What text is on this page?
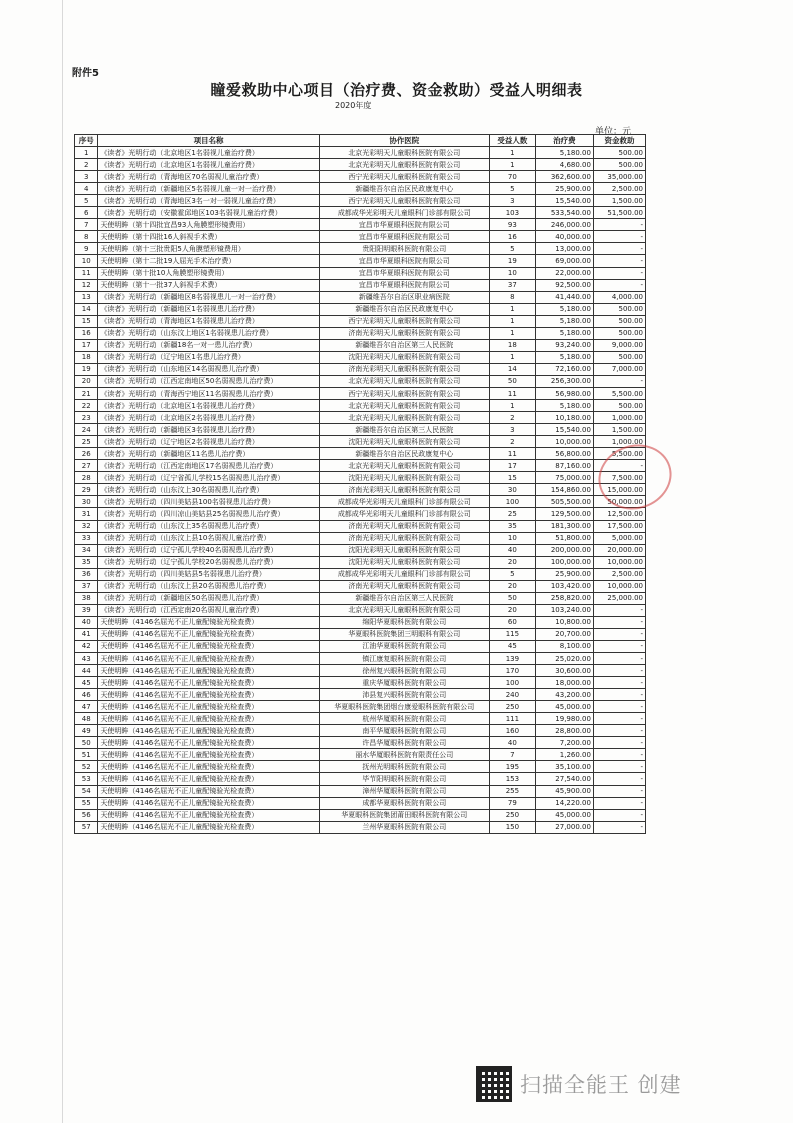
附件5
瞳爱救助中心项目（治疗费、资金救助）受益人明细表
2020年度
单位：元
序号	项目名称	协作医院	受益人数	治疗费	资金救助
1	《读者》光明行动（北京地区1名弱视儿童治疗费）	北京光彩明天儿童眼科医院有限公司	1	5,180.00	500.00
2	《读者》光明行动（北京地区1名弱视儿童治疗费）	北京光彩明天儿童眼科医院有限公司	1	4,680.00	500.00
3	《读者》光明行动（青海地区70名弱视儿童治疗费）	西宁光彩明天儿童眼科医院有限公司	70	362,600.00	35,000.00
4	《读者》光明行动（新疆地区5名弱视儿童一对一治疗费）	新疆维吾尔自治区民政康复中心	5	25,900.00	2,500.00
5	《读者》光明行动（青海地区3名一对一弱视儿童治疗费）	西宁光彩明天儿童眼科医院有限公司	3	15,540.00	1,500.00
6	《读者》光明行动（安徽霍邱地区103名弱视儿童治疗费）	成都成华光彩明天儿童眼科门诊部有限公司	103	533,540.00	51,500.00
7	天使明眸（第十四批宜昌93人角膜塑形镜费用）	宜昌市华夏眼科医院有限公司	93	246,000.00	-
8	天使明眸（第十四批16人斜视手术费）	宜昌市华夏眼科医院有限公司	16	40,000.00	-
9	天使明眸（第十三批贵阳5人角膜塑形镜费用）	贵阳阳明眼科医院有限公司	5	13,000.00	-
10	天使明眸（第十二批19人屈光手术治疗费）	宜昌市华夏眼科医院有限公司	19	69,000.00	-
11	天使明眸（第十批10人角膜塑形镜费用）	宜昌市华夏眼科医院有限公司	10	22,000.00	-
12	天使明眸（第十一批37人斜视手术费）	宜昌市华夏眼科医院有限公司	37	92,500.00	-
13	《读者》光明行动（新疆地区8名弱视患儿一对一治疗费）	新疆维吾尔自治区职业病医院	8	41,440.00	4,000.00
14	《读者》光明行动（新疆地区1名弱视患儿治疗费）	新疆维吾尔自治区民政康复中心	1	5,180.00	500.00
15	《读者》光明行动（青海地区1名弱视患儿治疗费）	西宁光彩明天儿童眼科医院有限公司	1	5,180.00	500.00
16	《读者》光明行动（山东汶上地区1名弱视患儿治疗费）	济南光彩明天儿童眼科医院有限公司	1	5,180.00	500.00
17	《读者》光明行动（新疆18名一对一患儿治疗费）	新疆维吾尔自治区第三人民医院	18	93,240.00	9,000.00
18	《读者》光明行动（辽宁地区1名患儿治疗费）	沈阳光彩明天儿童眼科医院有限公司	1	5,180.00	500.00
19	《读者》光明行动（山东地区14名弱视患儿治疗费）	济南光彩明天儿童眼科医院有限公司	14	72,160.00	7,000.00
20	《读者》光明行动（江西定南地区50名弱视患儿治疗费）	北京光彩明天儿童眼科医院有限公司	50	256,300.00	-
21	《读者》光明行动（青海西宁地区11名弱视患儿治疗费）	西宁光彩明天儿童眼科医院有限公司	11	56,980.00	5,500.00
22	《读者》光明行动（北京地区1名弱视患儿治疗费）	北京光彩明天儿童眼科医院有限公司	1	5,180.00	500.00
23	《读者》光明行动（北京地区2名弱视患儿治疗费）	北京光彩明天儿童眼科医院有限公司	2	10,180.00	1,000.00
24	《读者》光明行动（新疆地区3名弱视患儿治疗费）	新疆维吾尔自治区第三人民医院	3	15,540.00	1,500.00
25	《读者》光明行动（辽宁地区2名弱视患儿治疗费）	沈阳光彩明天儿童眼科医院有限公司	2	10,000.00	1,000.00
26	《读者》光明行动（新疆地区11名患儿治疗费）	新疆维吾尔自治区民政康复中心	11	56,800.00	5,500.00
27	《读者》光明行动（江西定南地区17名弱视患儿治疗费）	北京光彩明天儿童眼科医院有限公司	17	87,160.00	-
28	《读者》光明行动（辽宁省孤儿学校15名弱视患儿治疗费）	沈阳光彩明天儿童眼科医院有限公司	15	75,000.00	7,500.00
29	《读者》光明行动（山东汶上30名弱视患儿治疗费）	济南光彩明天儿童眼科医院有限公司	30	154,860.00	15,000.00
30	《读者》光明行动（四川美姑县100名弱视患儿治疗费）	成都成华光彩明天儿童眼科门诊部有限公司	100	505,500.00	50,000.00
31	《读者》光明行动（四川凉山美姑县25名弱视患儿治疗费）	成都成华光彩明天儿童眼科门诊部有限公司	25	129,500.00	12,500.00
32	《读者》光明行动（山东汶上35名弱视患儿治疗费）	济南光彩明天儿童眼科医院有限公司	35	181,300.00	17,500.00
33	《读者》光明行动（山东汶上县10名弱视儿童治疗费）	济南光彩明天儿童眼科医院有限公司	10	51,800.00	5,000.00
34	《读者》光明行动（辽宁孤儿学校40名弱视患儿治疗费）	沈阳光彩明天儿童眼科医院有限公司	40	200,000.00	20,000.00
35	《读者》光明行动（辽宁孤儿学校20名弱视患儿治疗费）	沈阳光彩明天儿童眼科医院有限公司	20	100,000.00	10,000.00
36	《读者》光明行动（四川美姑县5名弱视患儿治疗费）	成都成华光彩明天儿童眼科门诊部有限公司	5	25,900.00	2,500.00
37	《读者》光明行动（山东汶上县20名弱视患儿治疗费）	济南光彩明天儿童眼科医院有限公司	20	103,420.00	10,000.00
38	《读者》光明行动（新疆地区50名弱视患儿治疗费）	新疆维吾尔自治区第三人民医院	50	258,820.00	25,000.00
39	《读者》光明行动（江西定南20名弱视儿童治疗费）	北京光彩明天儿童眼科医院有限公司	20	103,240.00	-
40	天使明眸（4146名屈光不正儿童配镜验光检查费）	绵阳华夏眼科医院有限公司	60	10,800.00	-
41	天使明眸（4146名屈光不正儿童配镜验光检查费）	华夏眼科医院集团三明眼科有限公司	115	20,700.00	-
42	天使明眸（4146名屈光不正儿童配镜验光检查费）	江油华夏眼科医院有限公司	45	8,100.00	-
43	天使明眸（4146名屈光不正儿童配镜验光检查费）	镇江康复眼科医院有限公司	139	25,020.00	-
44	天使明眸（4146名屈光不正儿童配镜验光检查费）	徐州复兴眼科医院有限公司	170	30,600.00	-
45	天使明眸（4146名屈光不正儿童配镜验光检查费）	重庆华厦眼科医院有限公司	100	18,000.00	-
46	天使明眸（4146名屈光不正儿童配镜验光检查费）	沛县复兴眼科医院有限公司	240	43,200.00	-
47	天使明眸（4146名屈光不正儿童配镜验光检查费）	华夏眼科医院集团烟台康爱眼科医院有限公司	250	45,000.00	-
48	天使明眸（4146名屈光不正儿童配镜验光检查费）	杭州华厦眼科医院有限公司	111	19,980.00	-
49	天使明眸（4146名屈光不正儿童配镜验光检查费）	南平华厦眼科医院有限公司	160	28,800.00	-
50	天使明眸（4146名屈光不正儿童配镜验光检查费）	许昌华厦眼科医院有限公司	40	7,200.00	-
51	天使明眸（4146名屈光不正儿童配镜验光检查费）	丽水华厦眼科医院有限责任公司	7	1,260.00	-
52	天使明眸（4146名屈光不正儿童配镜验光检查费）	抚州光明眼科医院有限公司	195	35,100.00	-
53	天使明眸（4146名屈光不正儿童配镜验光检查费）	毕节阳明眼科医院有限公司	153	27,540.00	-
54	天使明眸（4146名屈光不正儿童配镜验光检查费）	漳州华厦眼科医院有限公司	255	45,900.00	-
55	天使明眸（4146名屈光不正儿童配镜验光检查费）	成都华夏眼科医院有限公司	79	14,220.00	-
56	天使明眸（4146名屈光不正儿童配镜验光检查费）	华夏眼科医院集团莆田眼科医院有限公司	250	45,000.00	-
57	天使明眸（4146名屈光不正儿童配镜验光检查费）	兰州华夏眼科医院有限公司	150	27,000.00	-
扫描全能王 创建
